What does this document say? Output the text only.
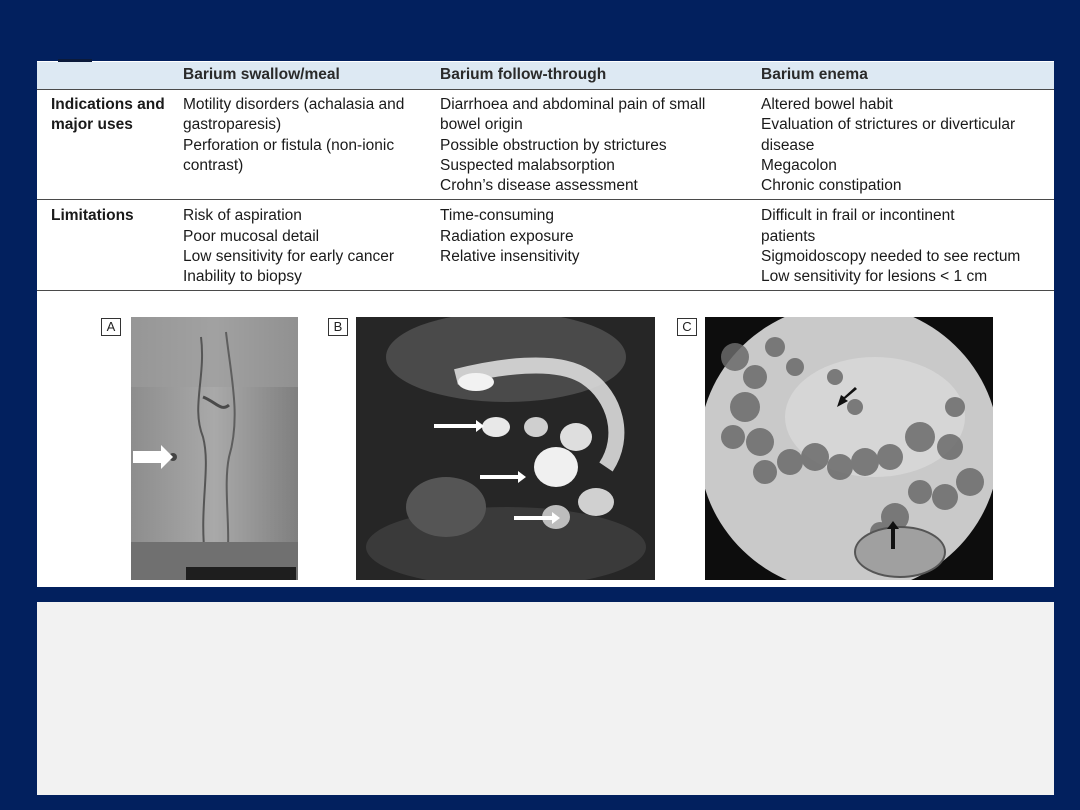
	Barium swallow/meal	Barium follow-through	Barium enema

Indications and
major uses	Motility disorders (achalasia and
gastroparesis)
Perforation or fistula (non-ionic
contrast)	Diarrhoea and abdominal pain of small
bowel origin
Possible obstruction by strictures
Suspected malabsorption
Crohn’s disease assessment	Altered bowel habit
Evaluation of strictures or diverticular
disease
Megacolon
Chronic constipation

Limitations	Risk of aspiration
Poor mucosal detail
Low sensitivity for early cancer
Inability to biopsy	Time-consuming
Radiation exposure
Relative insensitivity	Difficult in frail or incontinent
patients
Sigmoidoscopy needed to see rectum
Low sensitivity for lesions < 1 cm
A	B	C
